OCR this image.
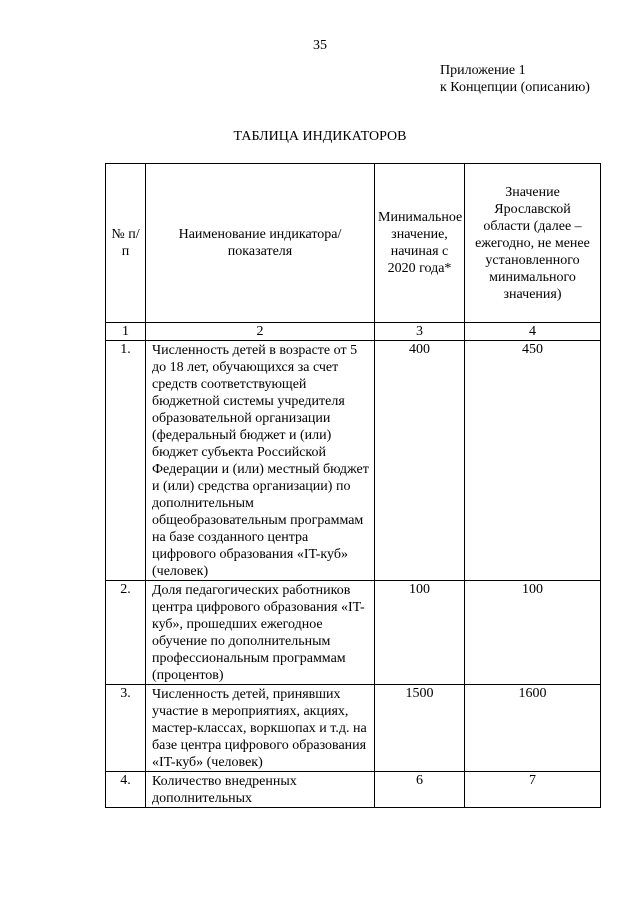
35
Приложение 1
к Концепции (описанию)
ТАБЛИЦА ИНДИКАТОРОВ
№ п/п	Наименование индикатора/показателя	Минимальное значение, начиная с 2020 года*	Значение Ярославской области (далее – ежегодно, не менее установленного минимального значения)
1	2	3	4
1.	Численность детей в возрасте от 5 до 18 лет, обучающихся за счет средств соответствующей бюджетной системы учредителя образовательной организации (федеральный бюджет и (или) бюджет субъекта Российской Федерации и (или) местный бюджет и (или) средства организации) по дополнительным общеобразовательным программам на базе созданного центра цифрового образования «IT-куб» (человек)	400	450
2.	Доля педагогических работников центра цифрового образования «IT-куб», прошедших ежегодное обучение по дополнительным профессиональным программам (процентов)	100	100
3.	Численность детей, принявших участие в мероприятиях, акциях, мастер-классах, воркшопах и т.д. на базе центра цифрового образования «IT-куб» (человек)	1500	1600
4.	Количество внедренных дополнительных	6	7
